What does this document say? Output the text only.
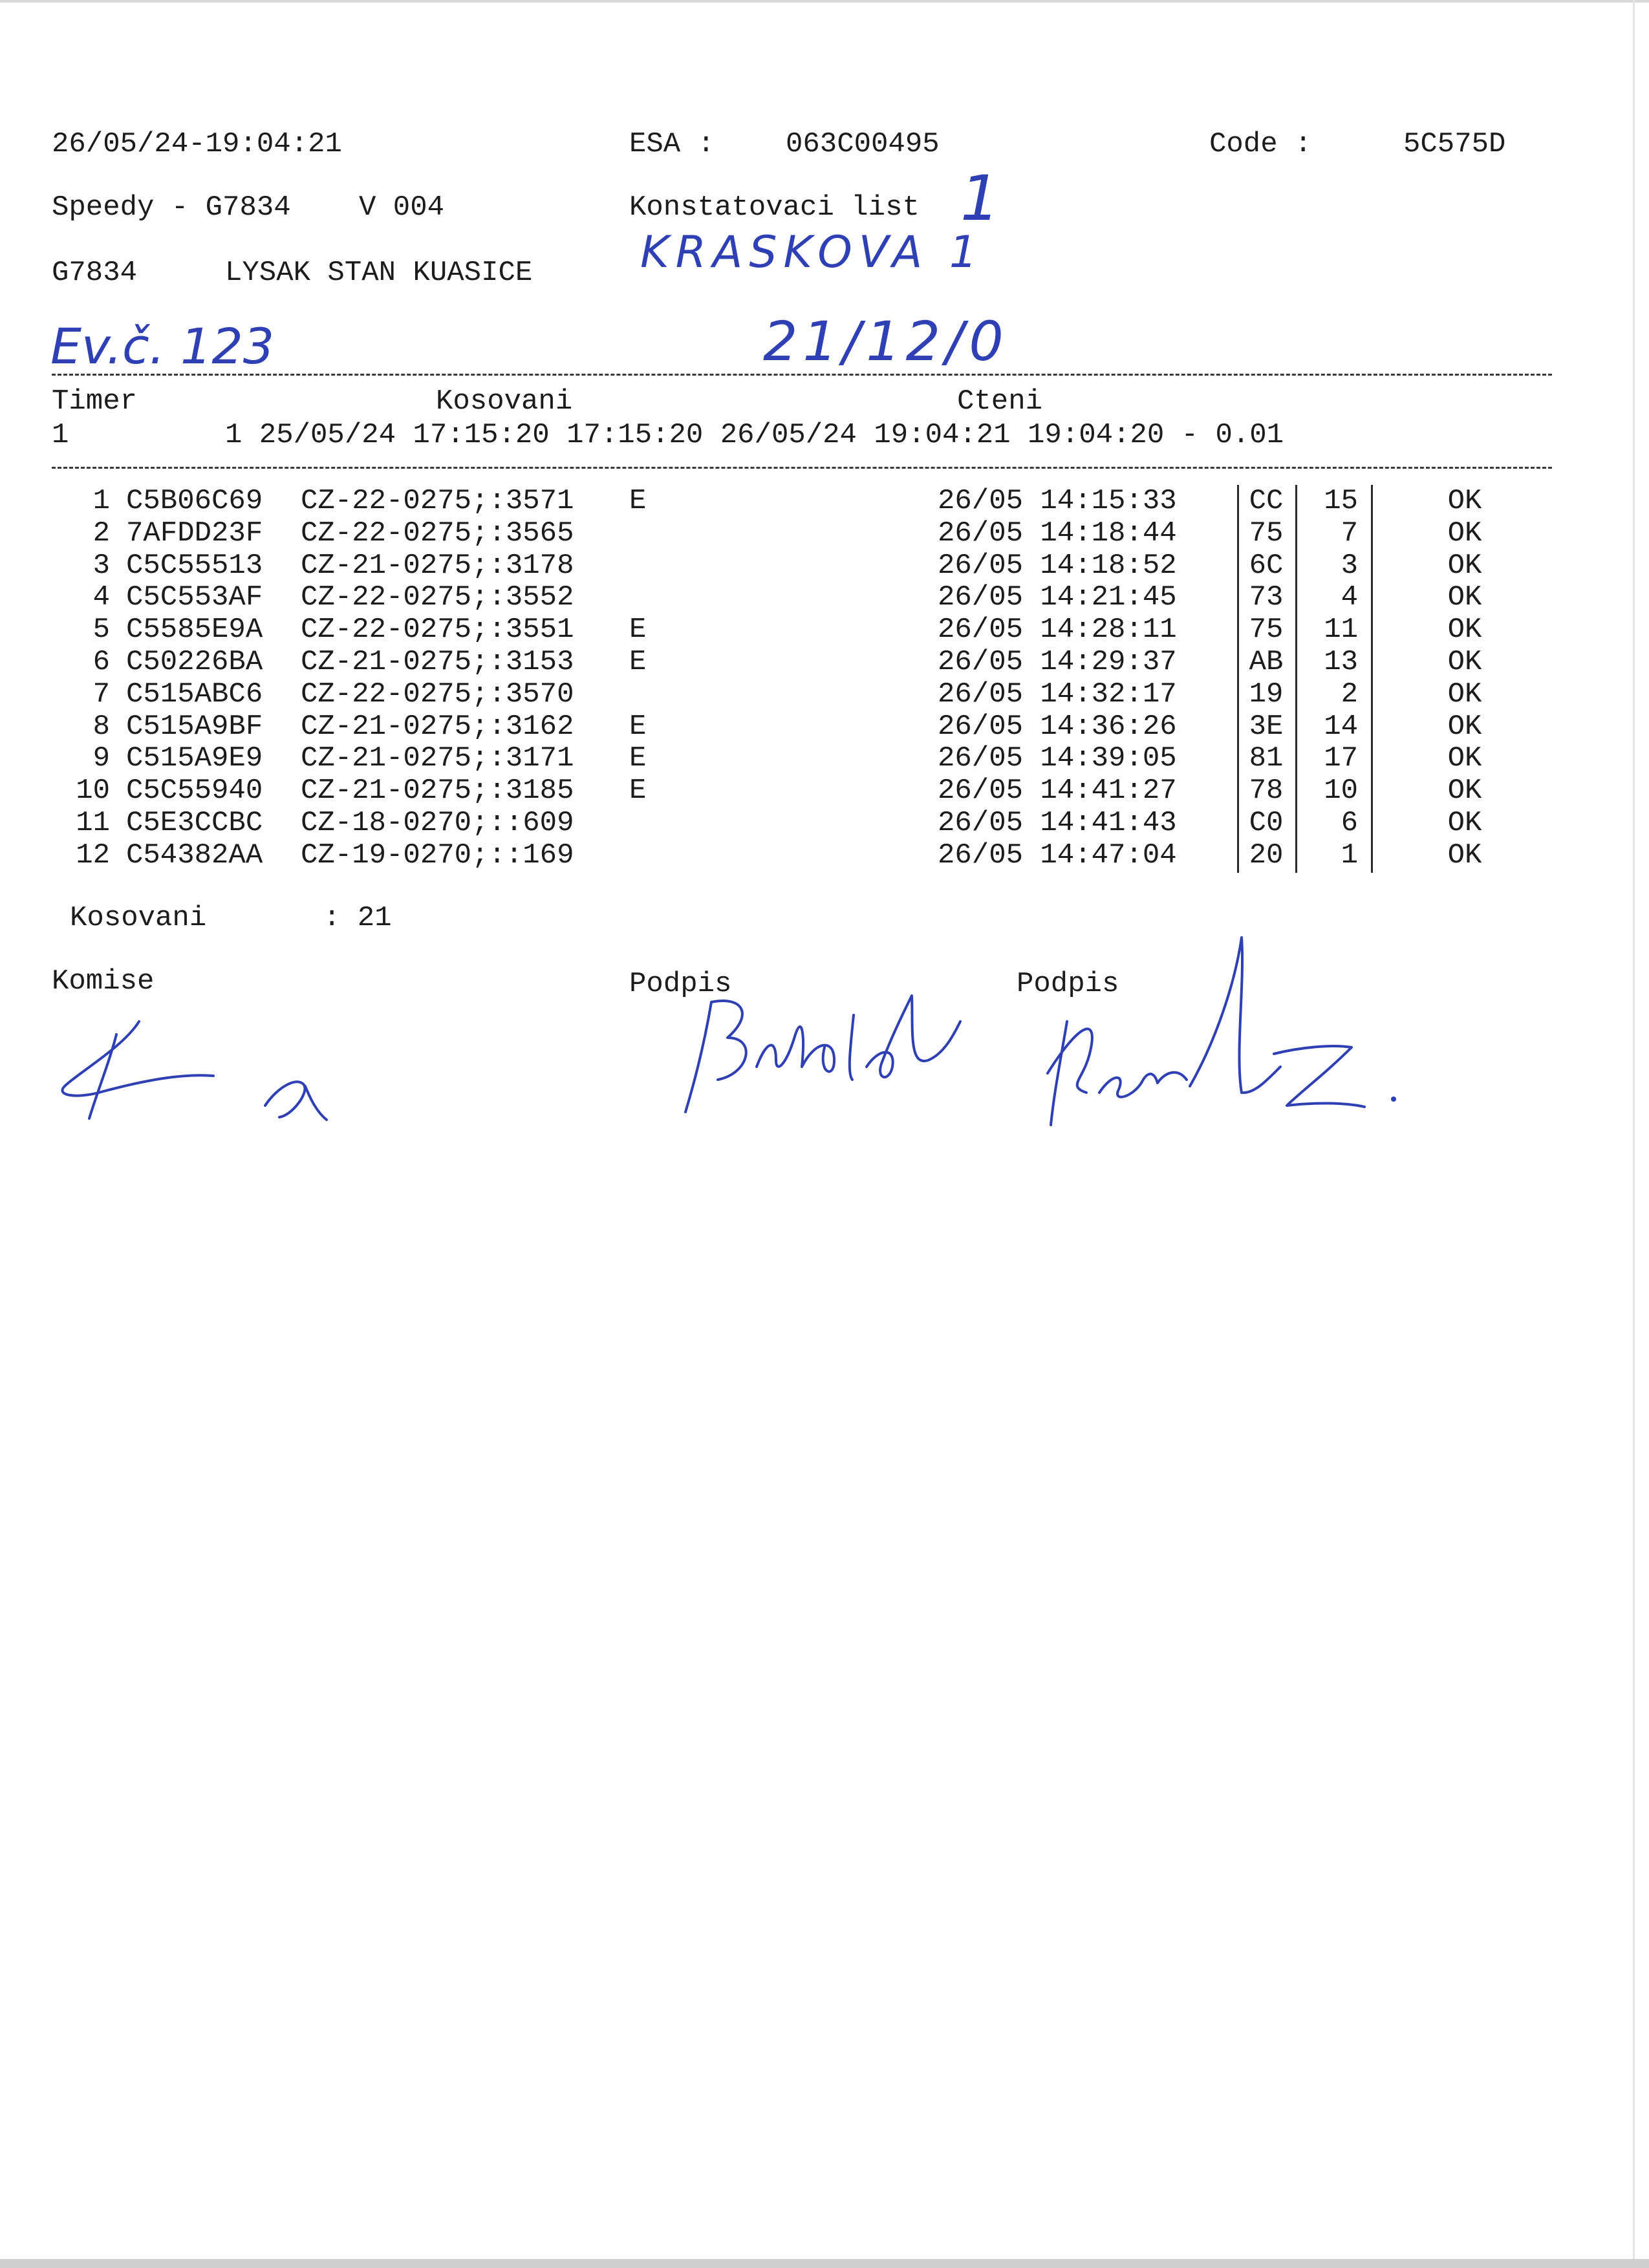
26/05/24-19:04:21	ESA : 063C00495	Code :	5C575D
Speedy - G7834 V 004	Konstatovaci list 1
G7834	LYSAK STAN KUASICE KRASKOVA 1
Ev.č. 123	21/12/0
Timer	Kosovani	Cteni
1	1 25/05/24 17:15:20 17:15:20 26/05/24 19:04:21 19:04:20 - 0.01
1 C5B06C69 CZ-22-0275;:3571 E	26/05 14:15:33	CC	15	OK
2 7AFDD23F CZ-22-0275;:3565	26/05 14:18:44	75	7	OK
3 C5C55513 CZ-21-0275;:3178	26/05 14:18:52	6C	3	OK
4 C5C553AF CZ-22-0275;:3552	26/05 14:21:45	73	4	OK
5 C5585E9A CZ-22-0275;:3551 E	26/05 14:28:11	75	11	OK
6 C50226BA CZ-21-0275;:3153 E	26/05 14:29:37	AB	13	OK
7 C515ABC6 CZ-22-0275;:3570	26/05 14:32:17	19	2	OK
8 C515A9BF CZ-21-0275;:3162 E	26/05 14:36:26	3E	14	OK
9 C515A9E9 CZ-21-0275;:3171 E	26/05 14:39:05	81	17	OK
10 C5C55940 CZ-21-0275;:3185 E	26/05 14:41:27	78	10	OK
11 C5E3CCBC CZ-18-0270;::609	26/05 14:41:43	C0	6	OK
12 C54382AA CZ-19-0270;::169	26/05 14:47:04	20	1	OK
Kosovani	: 21
Komise	Podpis	Podpis
